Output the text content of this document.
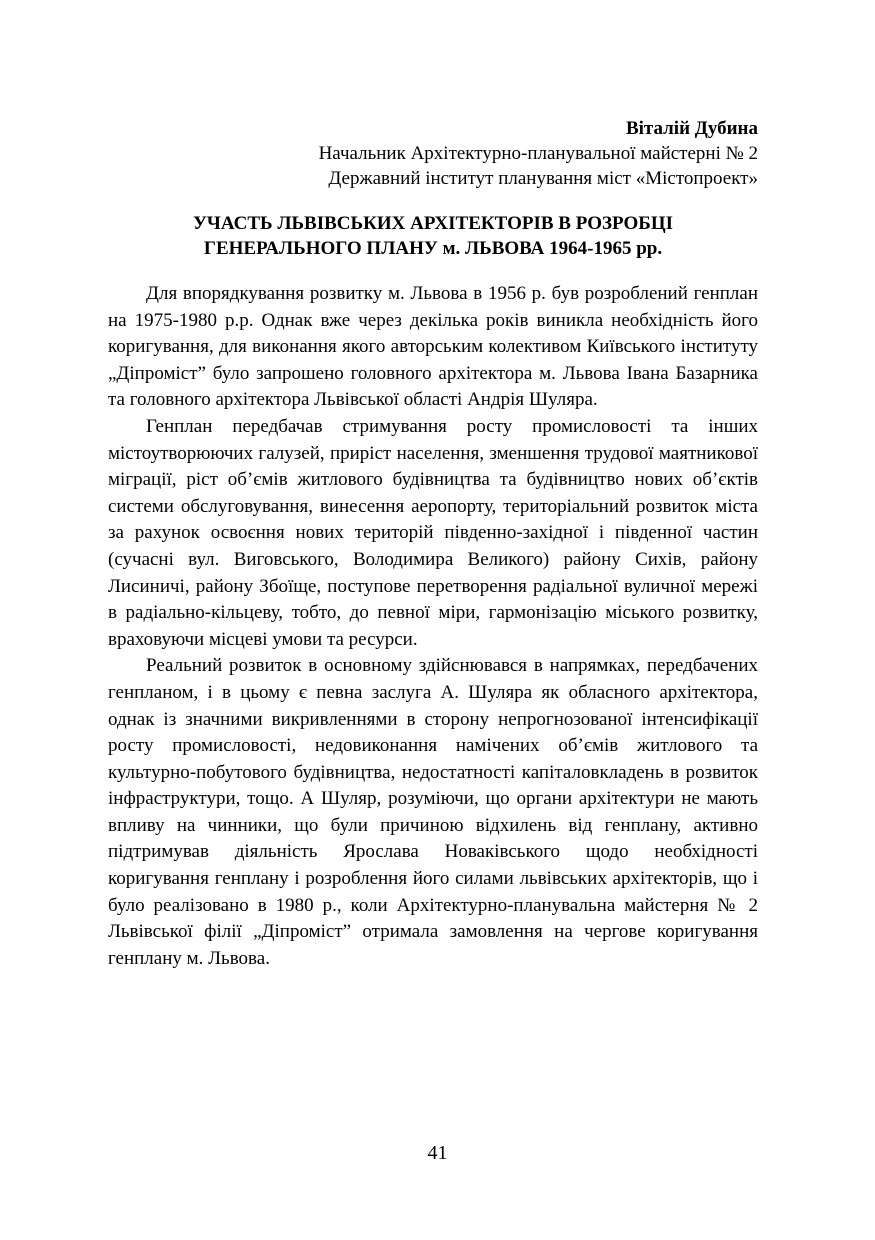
Віталій Дубина
Начальник Архітектурно-планувальної майстерні № 2
Державний інститут планування міст «Містопроект»
УЧАСТЬ ЛЬВІВСЬКИХ АРХІТЕКТОРІВ В РОЗРОБЦІ
ГЕНЕРАЛЬНОГО ПЛАНУ м. ЛЬВОВА 1964-1965 рр.

Для впорядкування розвитку м. Львова в 1956 р. був розроблений генплан на 1975-1980 р.р. Однак вже через декілька років виникла необхідність його коригування, для виконання якого авторським колективом Київського інституту „Діпроміст” було запрошено головного архітектора м. Львова Івана Базарника та головного архітектора Львівської області Андрія Шуляра.

Генплан передбачав стримування росту промисловості та інших містоутворюючих галузей, приріст населення, зменшення трудової маятникової міграції, ріст об’ємів житлового будівництва та будівництво нових об’єктів системи обслуговування, винесення аеропорту, територіальний розвиток міста за рахунок освоєння нових територій південно-західної і південної частин (сучасні вул. Виговського, Володимира Великого) району Сихів, району Лисиничі, району Збоїще, поступове перетворення радіальної вуличної мережі в радіально-кільцеву, тобто, до певної міри, гармонізацію міського розвитку, враховуючи місцеві умови та ресурси.

Реальний розвиток в основному здійснювався в напрямках, передбачених генпланом, і в цьому є певна заслуга А. Шуляра як обласного архітектора, однак із значними викривленнями в сторону непрогнозованої інтенсифікації росту промисловості, недовиконання намічених об’ємів житлового та культурно-побутового будівництва, недостатності капіталовкладень в розвиток інфраструктури, тощо. А Шуляр, розуміючи, що органи архітектури не мають впливу на чинники, що були причиною відхилень від генплану, активно підтримував діяльність Ярослава Новаківського щодо необхідності коригування генплану і розроблення його силами львівських архітекторів, що і було реалізовано в 1980 р., коли Архітектурно-планувальна майстерня № 2 Львівської філії „Діпроміст” отримала замовлення на чергове коригування генплану м. Львова.

41
